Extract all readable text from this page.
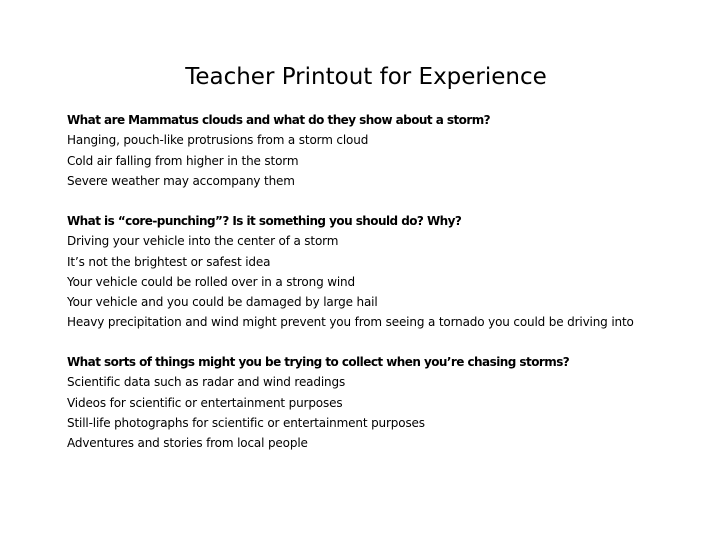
Teacher Printout for Experience

What are Mammatus clouds and what do they show about a storm?

Hanging, pouch-like protrusions from a storm cloud

Cold air falling from higher in the storm

Severe weather may accompany them

What is “core-punching”? Is it something you should do? Why?

Driving your vehicle into the center of a storm

It’s not the brightest or safest idea

Your vehicle could be rolled over in a strong wind

Your vehicle and you could be damaged by large hail

Heavy precipitation and wind might prevent you from seeing a tornado you could be driving into

What sorts of things might you be trying to collect when you’re chasing storms?

Scientific data such as radar and wind readings

Videos for scientific or entertainment purposes

Still-life photographs for scientific or entertainment purposes

Adventures and stories from local people
